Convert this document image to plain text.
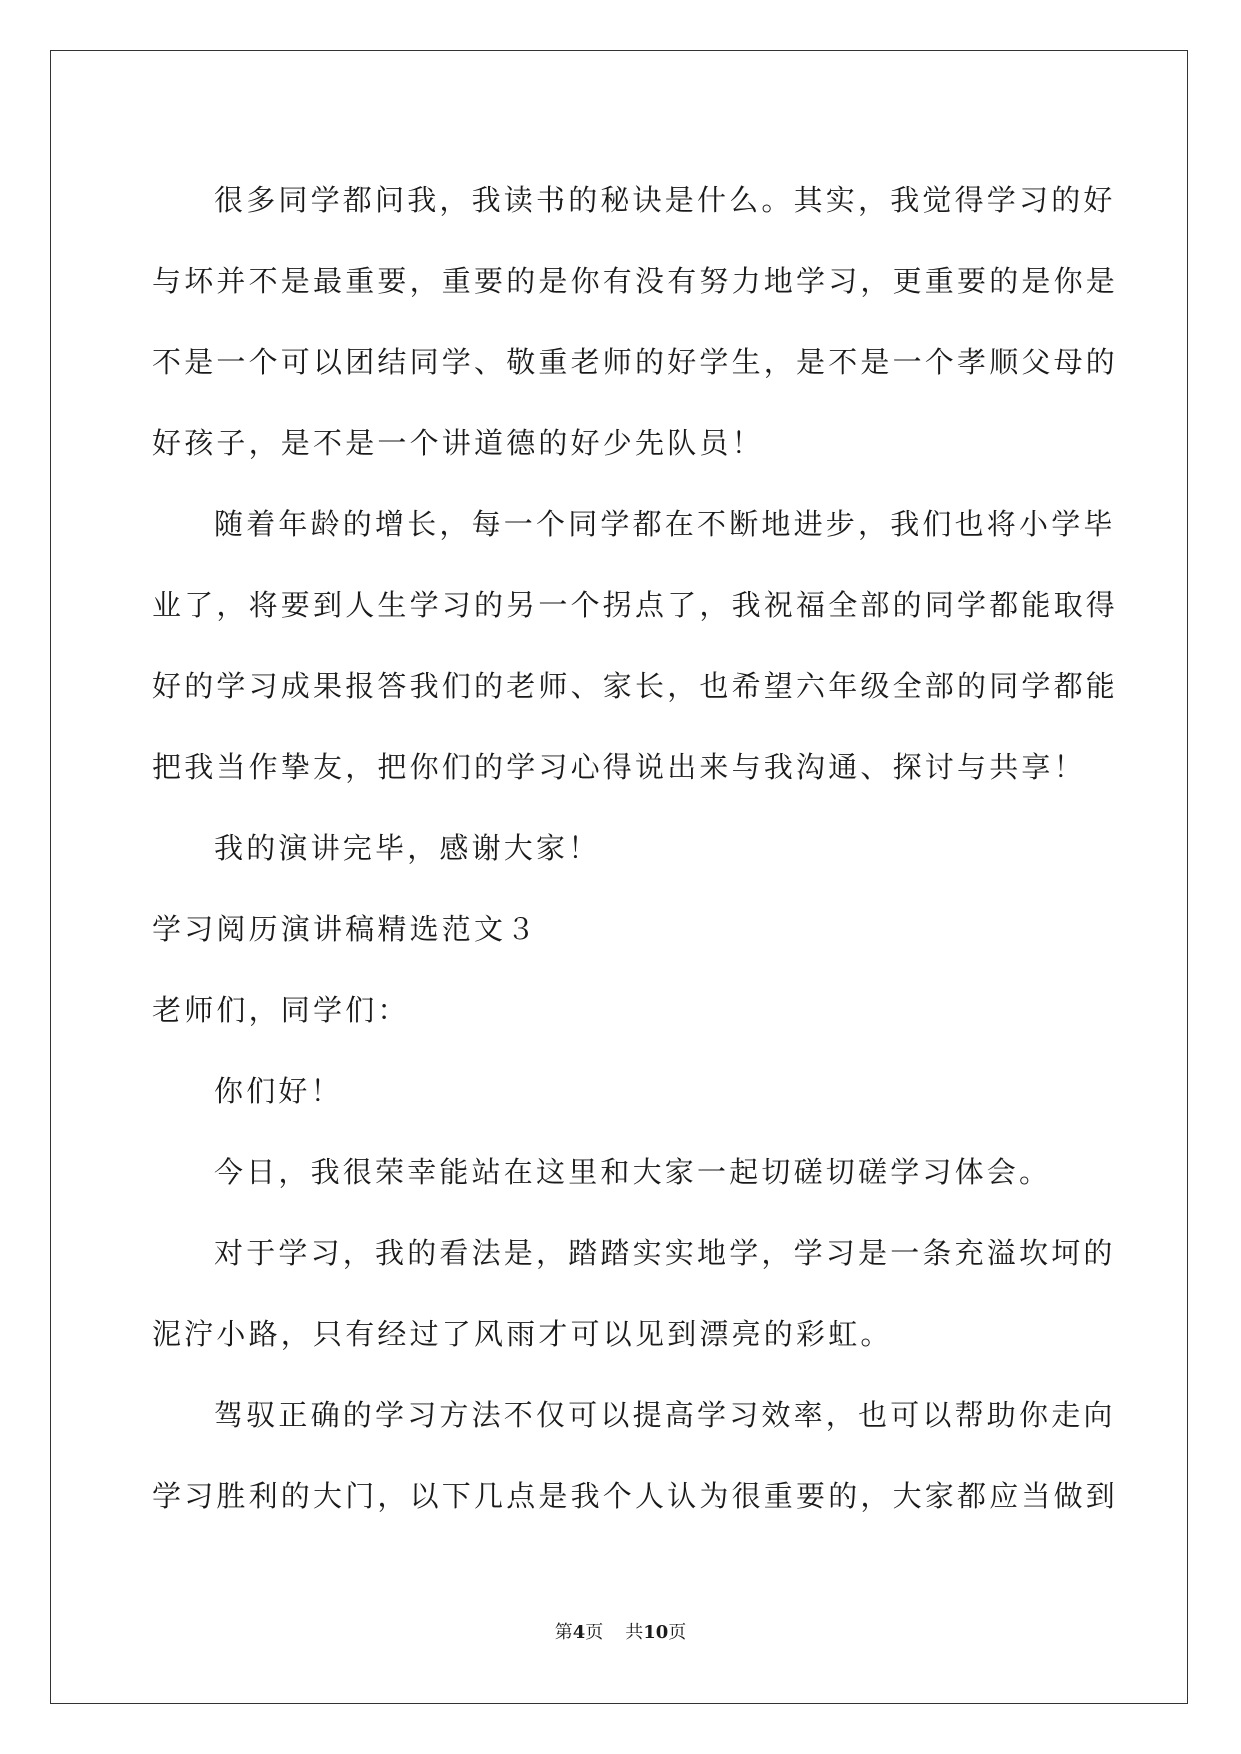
很多同学都问我，我读书的秘诀是什么。其实，我觉得学习的好
与坏并不是最重要，重要的是你有没有努力地学习，更重要的是你是
不是一个可以团结同学、敬重老师的好学生，是不是一个孝顺父母的
好孩子，是不是一个讲道德的好少先队员！
随着年龄的增长，每一个同学都在不断地进步，我们也将小学毕
业了，将要到人生学习的另一个拐点了，我祝福全部的同学都能取得
好的学习成果报答我们的老师、家长，也希望六年级全部的同学都能
把我当作挚友，把你们的学习心得说出来与我沟通、探讨与共享！
我的演讲完毕，感谢大家！
学习阅历演讲稿精选范文３
老师们，同学们：
你们好！
今日，我很荣幸能站在这里和大家一起切磋切磋学习体会。
对于学习，我的看法是，踏踏实实地学，学习是一条充溢坎坷的
泥泞小路，只有经过了风雨才可以见到漂亮的彩虹。
驾驭正确的学习方法不仅可以提高学习效率，也可以帮助你走向
学习胜利的大门，以下几点是我个人认为很重要的，大家都应当做到
第4页 共10页
